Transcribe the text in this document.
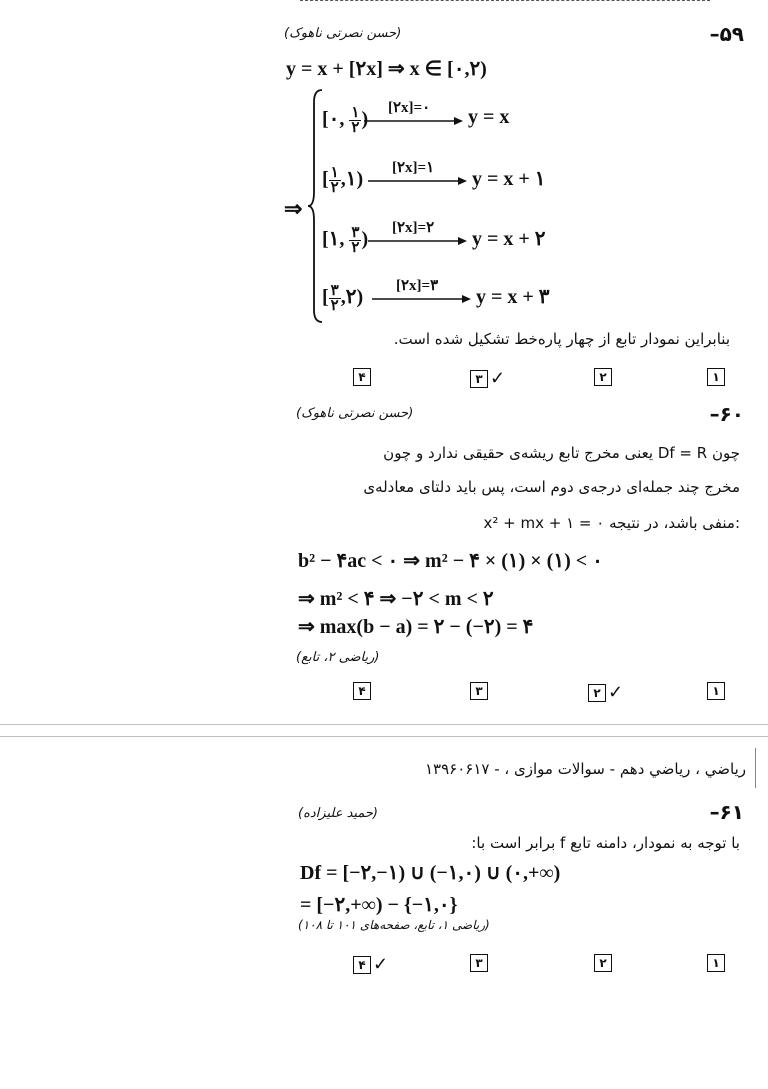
–۵۹
(حسن نصرتی ناهوک)
y = x + [۲x] ⇒ x ∈ [۰,۲)
⇒
[۰, $\frac{۱}{۲}$ )
[۲x]=۰ y = x
[ $\frac{۱}{۲}$ ,۱)
[۲x]=۱ y = x + ۱
[۱, $\frac{۳}{۲}$ )
[۲x]=۲ y = x + ۲
[ $\frac{۳}{۲}$ ,۲)
[۲x]=۳ y = x + ۳
بنابراین نمودار تابع از چهار پاره‌خط تشکیل شده است.
۱
۲
۳ ✓
۴
–۶۰
(حسن نصرتی ناهوک)
چون Df = R یعنی مخرج تابع ریشه‌ی حقیقی ندارد و چون
مخرج چند جمله‌ای درجه‌ی دوم است، پس باید دلتای معادله‌ی
x² + mx + ۱ = ۰ منفی باشد، در نتیجه:
b² − ۴ac < ۰ ⇒ m² − ۴ × (۱) × (۱) < ۰
⇒ m² < ۴ ⇒ −۲ < m < ۲
⇒ max(b − a) = ۲ − (−۲) = ۴
(ریاضی ۲، تابع)
۱
۲ ✓
۳
۴
رياضي ، رياضي دهم - سوالات موازی ، - ۱۳۹۶۰۶۱۷
–۶۱
(حمید علیزاده)
با توجه به نمودار، دامنه تابع f برابر است با:
Df = [−۲,−۱) ∪ (−۱,۰) ∪ (۰,+∞)
= [−۲,+∞) − {−۱,۰}
(ریاضی ۱، تابع، صفحه‌های ۱۰۱ تا ۱۰۸)
۱
۲
۳
۴ ✓
